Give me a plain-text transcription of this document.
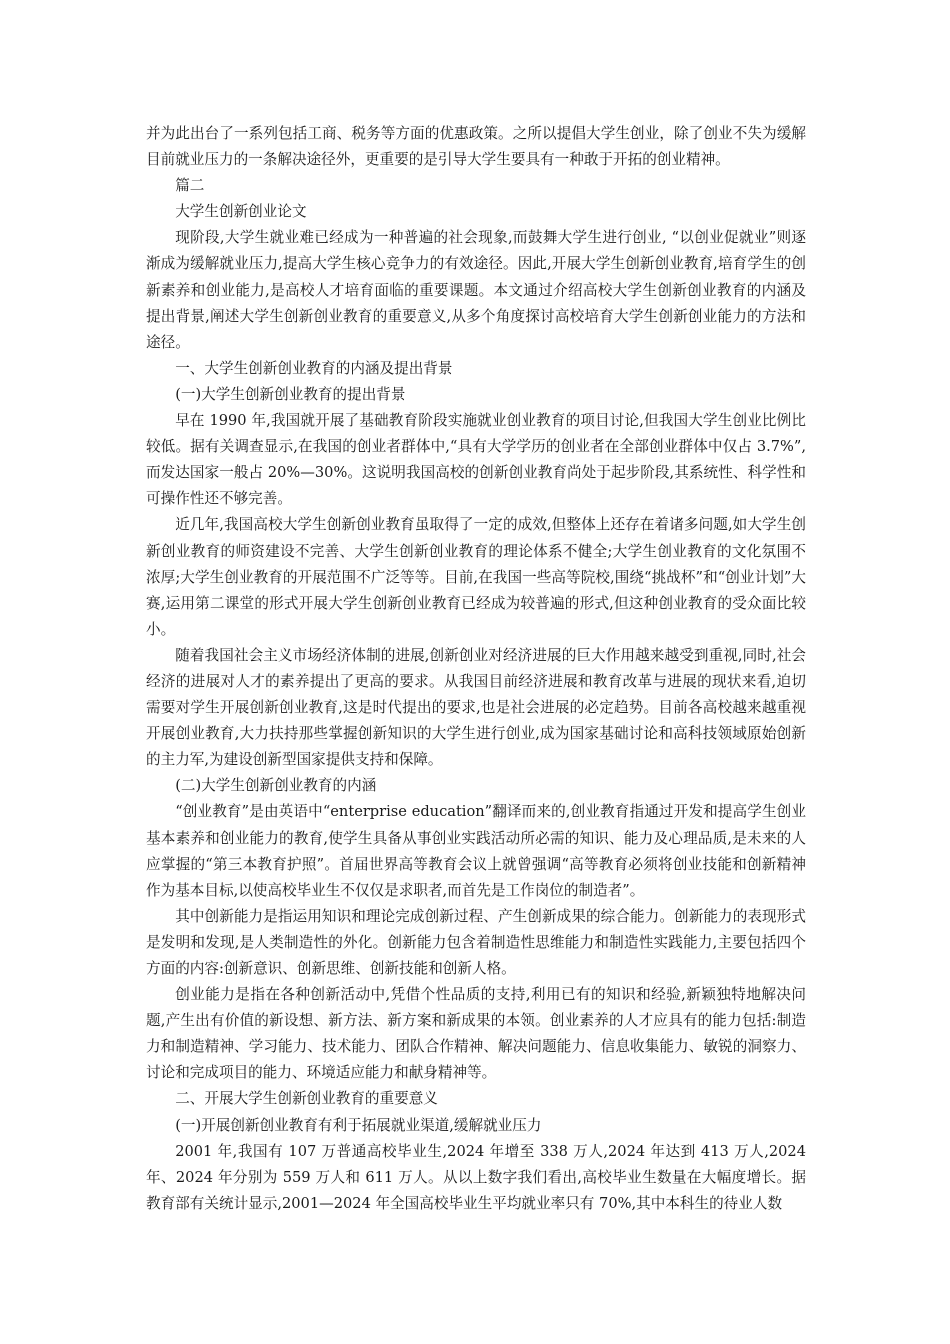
并为此出台了一系列包括工商、税务等方面的优惠政策。之所以提倡大学生创业，除了创业不失为缓解目前就业压力的一条解决途径外，更重要的是引导大学生要具有一种敢于开拓的创业精神。

篇二

大学生创新创业论文

现阶段,大学生就业难已经成为一种普遍的社会现象,而鼓舞大学生进行创业, “以创业促就业”则逐渐成为缓解就业压力,提高大学生核心竞争力的有效途径。因此,开展大学生创新创业教育,培育学生的创新素养和创业能力,是高校人才培育面临的重要课题。本文通过介绍高校大学生创新创业教育的内涵及提出背景,阐述大学生创新创业教育的重要意义,从多个角度探讨高校培育大学生创新创业能力的方法和途径。

一、大学生创新创业教育的内涵及提出背景

(一)大学生创新创业教育的提出背景

早在 1990 年,我国就开展了基础教育阶段实施就业创业教育的项目讨论,但我国大学生创业比例比较低。据有关调查显示,在我国的创业者群体中,“具有大学学历的创业者在全部创业群体中仅占 3.7%”,而发达国家一般占 20%—30%。这说明我国高校的创新创业教育尚处于起步阶段,其系统性、科学性和可操作性还不够完善。

近几年,我国高校大学生创新创业教育虽取得了一定的成效,但整体上还存在着诸多问题,如大学生创新创业教育的师资建设不完善、大学生创新创业教育的理论体系不健全;大学生创业教育的文化氛围不浓厚;大学生创业教育的开展范围不广泛等等。目前,在我国一些高等院校,围绕“挑战杯”和“创业计划”大赛,运用第二课堂的形式开展大学生创新创业教育已经成为较普遍的形式,但这种创业教育的受众面比较小。

随着我国社会主义市场经济体制的进展,创新创业对经济进展的巨大作用越来越受到重视,同时,社会经济的进展对人才的素养提出了更高的要求。从我国目前经济进展和教育改革与进展的现状来看,迫切需要对学生开展创新创业教育,这是时代提出的要求,也是社会进展的必定趋势。目前各高校越来越重视开展创业教育,大力扶持那些掌握创新知识的大学生进行创业,成为国家基础讨论和高科技领域原始创新的主力军,为建设创新型国家提供支持和保障。

(二)大学生创新创业教育的内涵

“创业教育”是由英语中“enterprise education”翻译而来的,创业教育指通过开发和提高学生创业基本素养和创业能力的教育,使学生具备从事创业实践活动所必需的知识、能力及心理品质,是未来的人应掌握的“第三本教育护照”。首届世界高等教育会议上就曾强调“高等教育必须将创业技能和创新精神作为基本目标,以使高校毕业生不仅仅是求职者,而首先是工作岗位的制造者”。

其中创新能力是指运用知识和理论完成创新过程、产生创新成果的综合能力。创新能力的表现形式是发明和发现,是人类制造性的外化。创新能力包含着制造性思维能力和制造性实践能力,主要包括四个方面的内容:创新意识、创新思维、创新技能和创新人格。

创业能力是指在各种创新活动中,凭借个性品质的支持,利用已有的知识和经验,新颖独特地解决问题,产生出有价值的新设想、新方法、新方案和新成果的本领。创业素养的人才应具有的能力包括:制造力和制造精神、学习能力、技术能力、团队合作精神、解决问题能力、信息收集能力、敏锐的洞察力、讨论和完成项目的能力、环境适应能力和献身精神等。

二、开展大学生创新创业教育的重要意义

(一)开展创新创业教育有利于拓展就业渠道,缓解就业压力

2001 年,我国有 107 万普通高校毕业生,2024 年增至 338 万人,2024 年达到 413 万人,2024 年、2024 年分别为 559 万人和 611 万人。从以上数字我们看出,高校毕业生数量在大幅度增长。据教育部有关统计显示,2001—2024 年全国高校毕业生平均就业率只有 70%,其中本科生的待业人数
